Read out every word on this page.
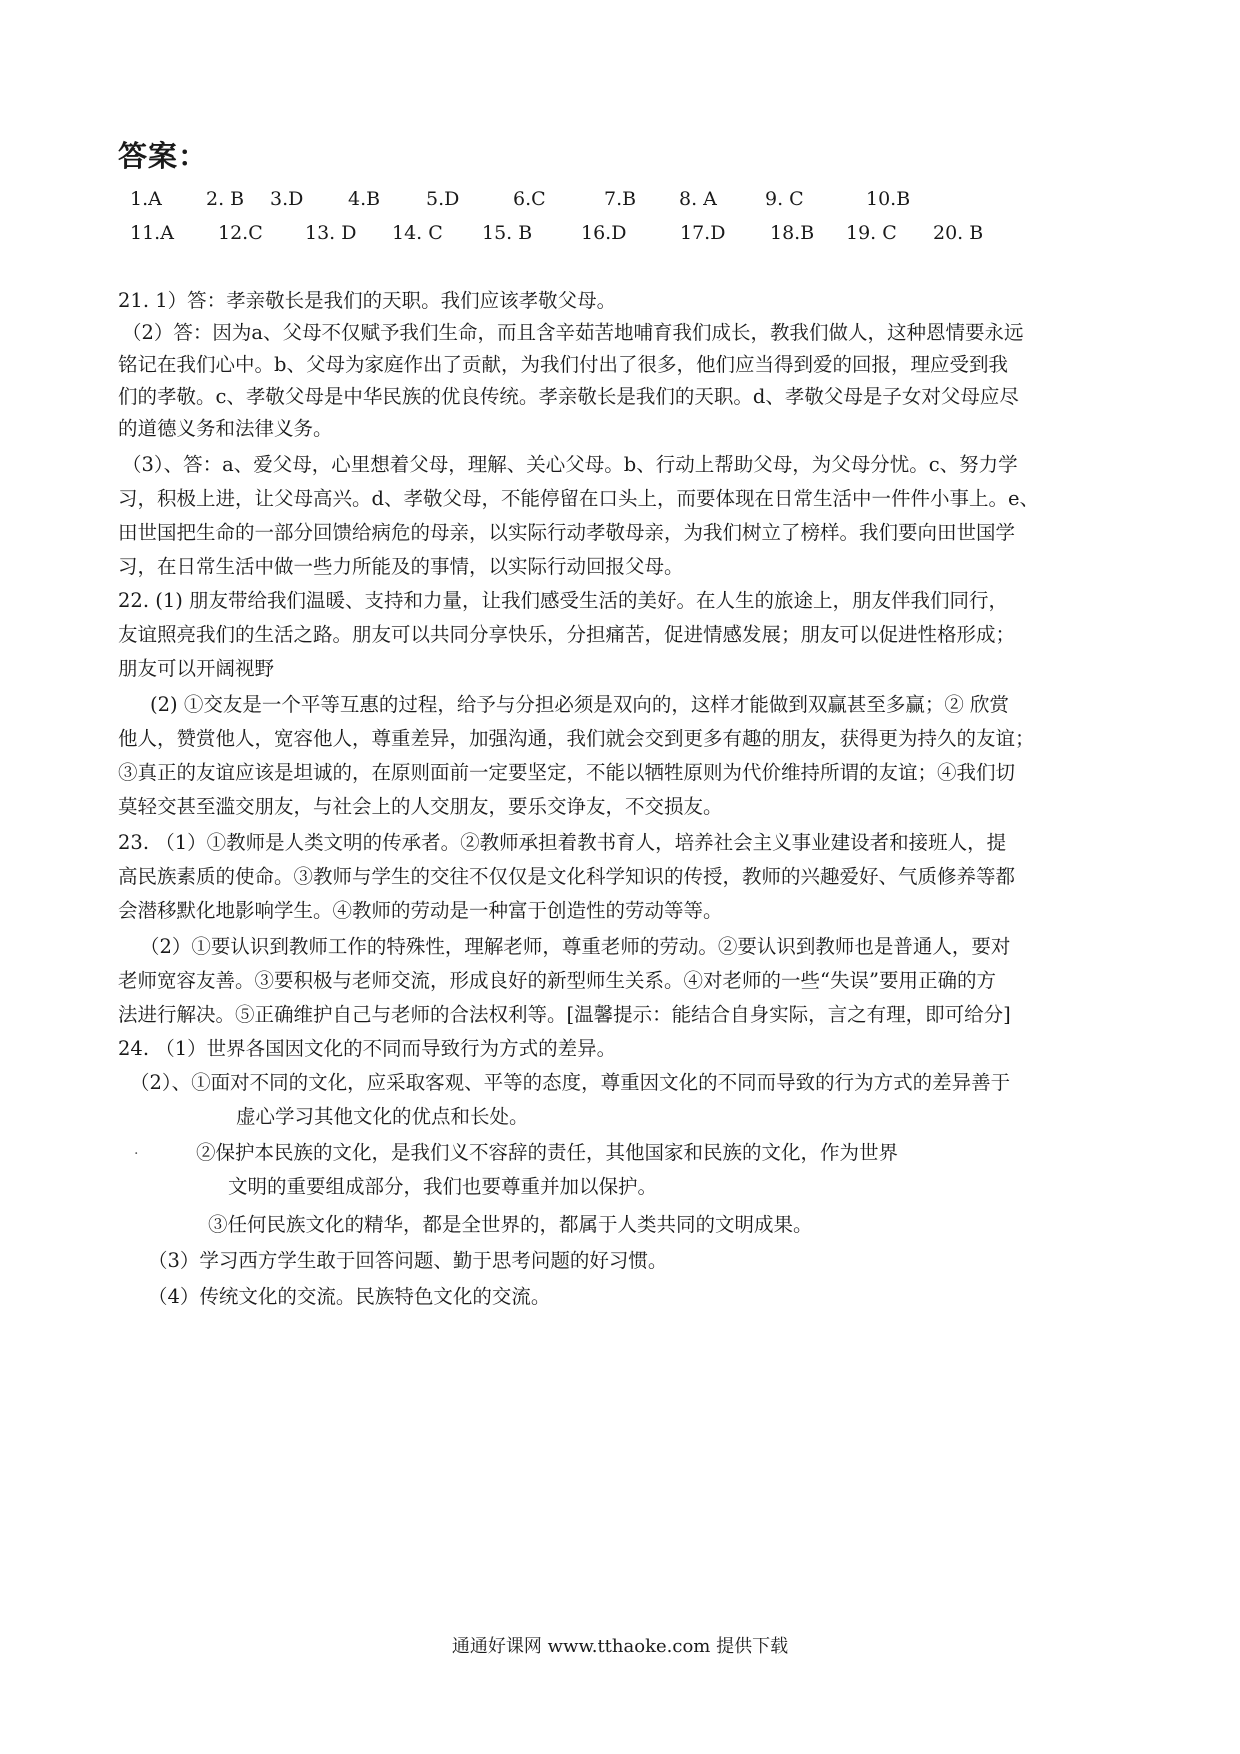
答案：
1.A 2. B 3.D 4.B 5.D	6.C	7.B 8. A	9. C	10.B
11.A 12.C 13. D 14. C 15. B	16.D	17.D 18.B 19. C 20. B
21. 1）答：孝亲敬长是我们的天职。我们应该孝敬父母。
（2）答：因为a、父母不仅赋予我们生命，而且含辛茹苦地哺育我们成长，教我们做人，这种恩情要永远
铭记在我们心中。b、父母为家庭作出了贡献，为我们付出了很多，他们应当得到爱的回报，理应受到我
们的孝敬。c、孝敬父母是中华民族的优良传统。孝亲敬长是我们的天职。d、孝敬父母是子女对父母应尽
的道德义务和法律义务。
（3）、答：a、爱父母，心里想着父母，理解、关心父母。b、行动上帮助父母，为父母分忧。c、努力学
习，积极上进，让父母高兴。d、孝敬父母，不能停留在口头上，而要体现在日常生活中一件件小事上。e、
田世国把生命的一部分回馈给病危的母亲，以实际行动孝敬母亲，为我们树立了榜样。我们要向田世国学
习，在日常生活中做一些力所能及的事情，以实际行动回报父母。
22. (1) 朋友带给我们温暖、支持和力量，让我们感受生活的美好。在人生的旅途上，朋友伴我们同行，
友谊照亮我们的生活之路。朋友可以共同分享快乐，分担痛苦，促进情感发展；朋友可以促进性格形成；
朋友可以开阔视野
(2) ①交友是一个平等互惠的过程，给予与分担必须是双向的，这样才能做到双赢甚至多赢；② 欣赏
他人，赞赏他人，宽容他人，尊重差异，加强沟通，我们就会交到更多有趣的朋友，获得更为持久的友谊；
③真正的友谊应该是坦诚的，在原则面前一定要坚定，不能以牺牲原则为代价维持所谓的友谊；④我们切
莫轻交甚至滥交朋友，与社会上的人交朋友，要乐交诤友，不交损友。
23. （1）①教师是人类文明的传承者。②教师承担着教书育人，培养社会主义事业建设者和接班人，提
高民族素质的使命。③教师与学生的交往不仅仅是文化科学知识的传授，教师的兴趣爱好、气质修养等都
会潜移默化地影响学生。④教师的劳动是一种富于创造性的劳动等等。
（2）①要认识到教师工作的特殊性，理解老师，尊重老师的劳动。②要认识到教师也是普通人，要对
老师宽容友善。③要积极与老师交流，形成良好的新型师生关系。④对老师的一些“失误”要用正确的方
法进行解决。⑤正确维护自己与老师的合法权利等。[温馨提示：能结合自身实际，言之有理，即可给分]
24. （1）世界各国因文化的不同而导致行为方式的差异。
（2）、①面对不同的文化，应采取客观、平等的态度，尊重因文化的不同而导致的行为方式的差异善于
虚心学习其他文化的优点和长处。
.	②保护本民族的文化，是我们义不容辞的责任，其他国家和民族的文化，作为世界
文明的重要组成部分，我们也要尊重并加以保护。
③任何民族文化的精华，都是全世界的，都属于人类共同的文明成果。
（3）学习西方学生敢于回答问题、勤于思考问题的好习惯。
（4）传统文化的交流。民族特色文化的交流。
通通好课网 www.tthaoke.com 提供下载
